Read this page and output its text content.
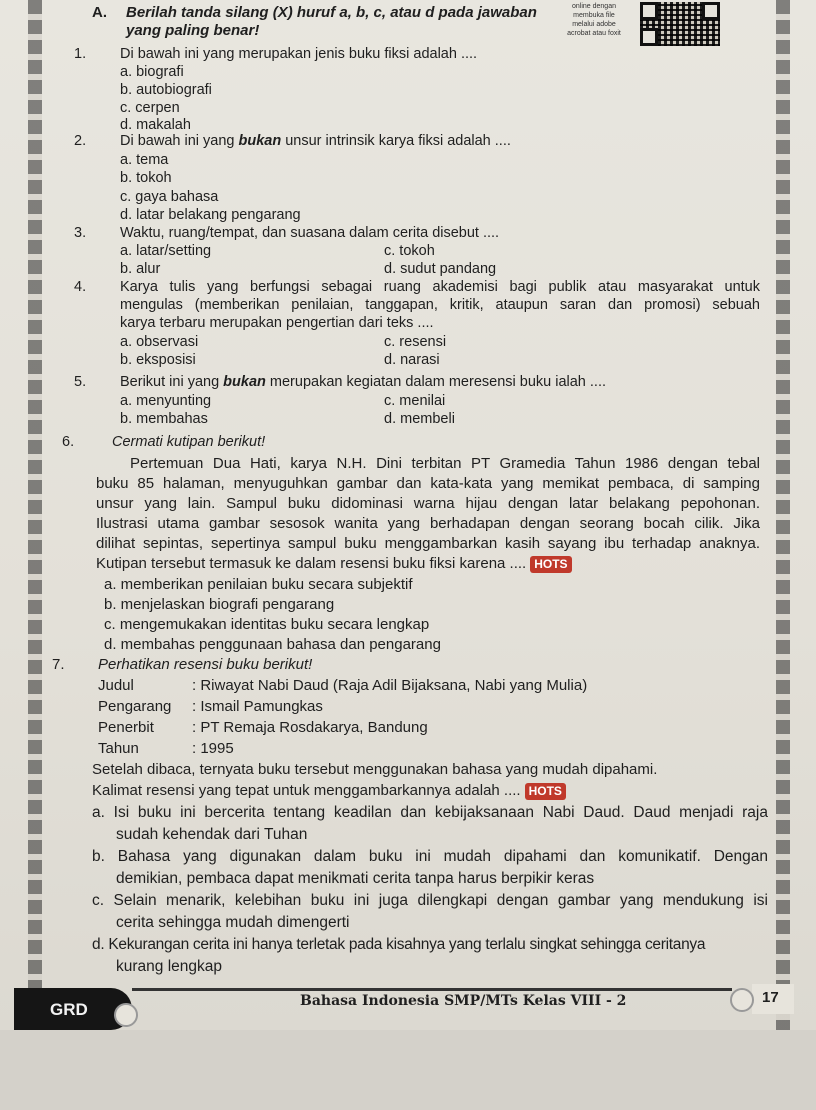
A. Berilah tanda silang (X) huruf a, b, c, atau d pada jawaban
yang paling benar!
online dengan
membuka file
melalui adobe
acrobat atau foxit
1. Di bawah ini yang merupakan jenis buku fiksi adalah ....
a. biografi
b. autobiografi
c. cerpen
d. makalah
2. Di bawah ini yang bukan unsur intrinsik karya fiksi adalah ....
a. tema
b. tokoh
c. gaya bahasa
d. latar belakang pengarang
3. Waktu, ruang/tempat, dan suasana dalam cerita disebut ....
a. latar/setting	c. tokoh
b. alur	d. sudut pandang
4. Karya tulis yang berfungsi sebagai ruang akademisi bagi publik atau masyarakat untuk
mengulas (memberikan penilaian, tanggapan, kritik, ataupun saran dan promosi) sebuah
karya terbaru merupakan pengertian dari teks ....
a. observasi	c. resensi
b. eksposisi	d. narasi
5. Berikut ini yang bukan merupakan kegiatan dalam meresensi buku ialah ....
a. menyunting	c. menilai
b. membahas	d. membeli
6.	Cermati kutipan berikut!
Pertemuan Dua Hati, karya N.H. Dini terbitan PT Gramedia Tahun 1986 dengan tebal
buku 85 halaman, menyuguhkan gambar dan kata-kata yang memikat pembaca, di samping
unsur yang lain. Sampul buku didominasi warna hijau dengan latar belakang pepohonan.
Ilustrasi utama gambar sesosok wanita yang berhadapan dengan seorang bocah cilik. Jika
dilihat sepintas, sepertinya sampul buku menggambarkan kasih sayang ibu terhadap anaknya.
Kutipan tersebut termasuk ke dalam resensi buku fiksi karena .... HOTS
a. memberikan penilaian buku secara subjektif
b. menjelaskan biografi pengarang
c. mengemukakan identitas buku secara lengkap
d. membahas penggunaan bahasa dan pengarang
7. Perhatikan resensi buku berikut!
Judul	: Riwayat Nabi Daud (Raja Adil Bijaksana, Nabi yang Mulia)
Pengarang : Ismail Pamungkas
Penerbit	: PT Remaja Rosdakarya, Bandung
Tahun	: 1995
Setelah dibaca, ternyata buku tersebut menggunakan bahasa yang mudah dipahami.
Kalimat resensi yang tepat untuk menggambarkannya adalah .... HOTS
a. Isi buku ini bercerita tentang keadilan dan kebijaksanaan Nabi Daud. Daud menjadi raja
sudah kehendak dari Tuhan
b. Bahasa yang digunakan dalam buku ini mudah dipahami dan komunikatif. Dengan
demikian, pembaca dapat menikmati cerita tanpa harus berpikir keras
c. Selain menarik, kelebihan buku ini juga dilengkapi dengan gambar yang mendukung isi
cerita sehingga mudah dimengerti
d. Kekurangan cerita ini hanya terletak pada kisahnya yang terlalu singkat sehingga ceritanya
kurang lengkap
GRD	Bahasa Indonesia SMP/MTs Kelas VIII - 2	17
